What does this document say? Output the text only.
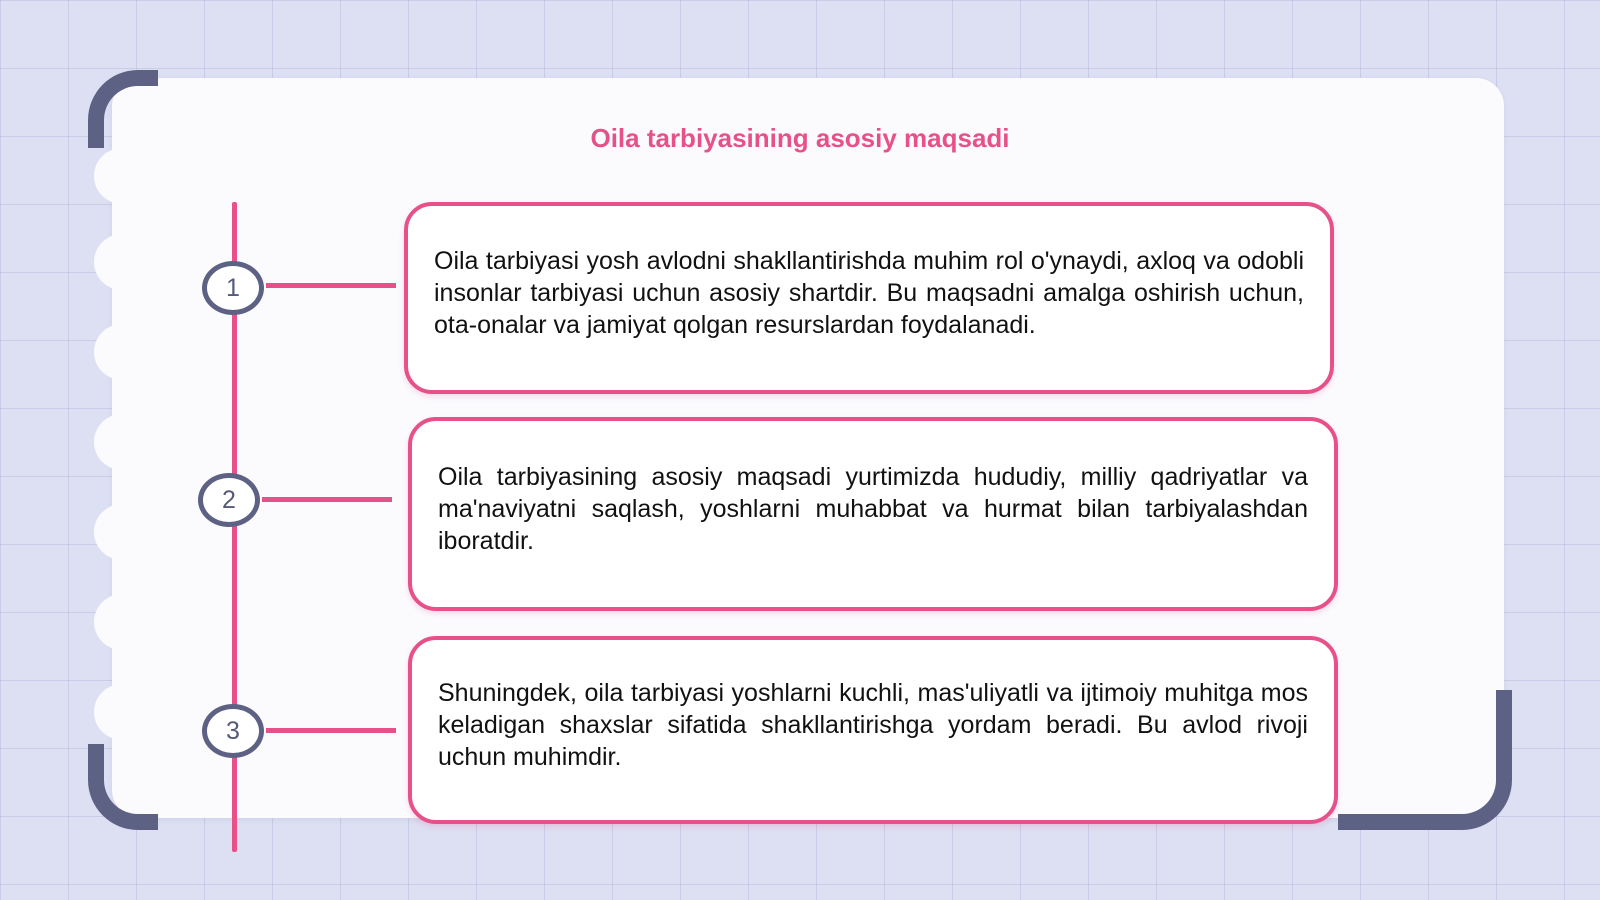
Oila tarbiyasining asosiy maqsadi
1
2
3

Oila tarbiyasi yosh avlodni shakllantirishda muhim rol o'ynaydi, axloq va odobli insonlar tarbiyasi uchun asosiy shartdir. Bu maqsadni amalga oshirish uchun, ota-onalar va jamiyat qolgan resurslardan foydalanadi.

Oila tarbiyasining asosiy maqsadi yurtimizda hududiy, milliy qadriyatlar va ma'naviyatni saqlash, yoshlarni muhabbat va hurmat bilan tarbiyalashdan iboratdir.

Shuningdek, oila tarbiyasi yoshlarni kuchli, mas'uliyatli va ijtimoiy muhitga mos keladigan shaxslar sifatida shakllantirishga yordam beradi. Bu avlod rivoji uchun muhimdir.
